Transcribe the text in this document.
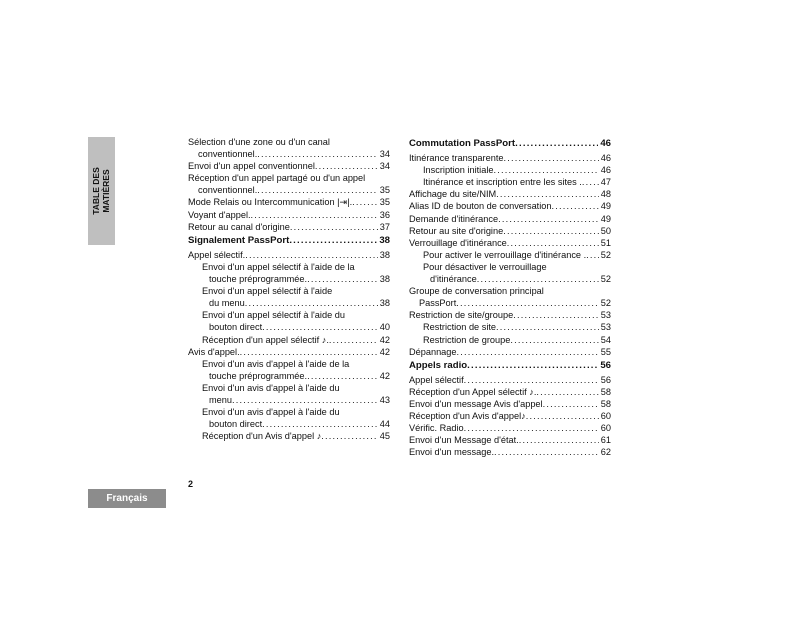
TABLE DES
MATIÈRES
Sélection d'une zone ou d'un canal
conventionnel. .....	34
Envoi d'un appel conventionnel .....	34
Réception d'un appel partagé ou d'un appel
conventionnel. .....	35
Mode Relais ou Intercommunication |⇥|. .....	35
Voyant d'appel. .....	36
Retour au canal d'origine .....	37
Signalement PassPort .....	38
Appel sélectif. .....	38
Envoi d'un appel sélectif à l'aide de la
touche préprogrammée. .....	38
Envoi d'un appel sélectif à l'aide
du menu .....	38
Envoi d'un appel sélectif à l'aide du
bouton direct .....	40
Réception d'un appel sélectif ♪. .....	42
Avis d'appel. .....	42
Envoi d'un avis d'appel à l'aide de la
touche préprogrammée. .....	42
Envoi d'un avis d'appel à l'aide du
menu .....	43
Envoi d'un avis d'appel à l'aide du
bouton direct .....	44
Réception d'un Avis d'appel ♪ .....	45
Commutation PassPort .....	46
Itinérance transparente .....	46
Inscription initiale .....	46
Itinérance et inscription entre les sites . ..... 47
Affichage du site/NIM .....	48
Alias ID de bouton de conversation .....	49
Demande d'itinérance .....	49
Retour au site d'origine .....	50
Verrouillage d'itinérance .....	51
Pour activer le verrouillage d'itinérance . ..... 52
Pour désactiver le verrouillage
d'itinérance .....	52
Groupe de conversation principal
PassPort .....	52
Restriction de site/groupe .....	53
Restriction de site .....	53
Restriction de groupe .....	54
Dépannage .....	55
Appels radio .....	56
Appel sélectif .....	56
Réception d'un Appel sélectif ♪. .....	58
Envoi d'un message Avis d'appel .....	58
Réception d'un Avis d'appel♪ .....	60
Vérific. Radio .....	60
Envoi d'un Message d'état. .....	61
Envoi d'un message. .....	62
2
Français
